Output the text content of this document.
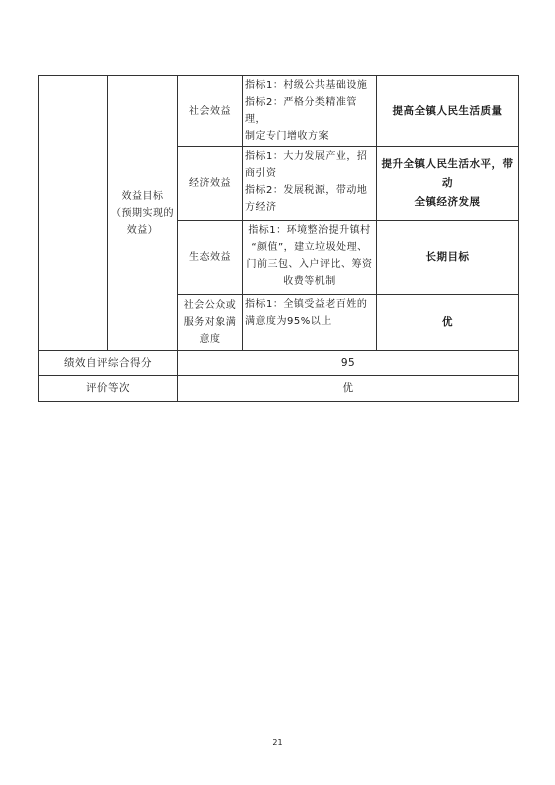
	效益目标
（预期实现的
效益）	社会效益	指标1：村级公共基础设施
指标2：严格分类精准管理，
制定专门增收方案	提高全镇人民生活质量

		经济效益	指标1：大力发展产业，招
商引资
指标2：发展税源，带动地
方经济	提升全镇人民生活水平，带动
全镇经济发展

		生态效益	指标1：环境整治提升镇村
“颜值”，建立垃圾处理、
门前三包、入户评比、筹资
收费等机制	长期目标

		社会公众或
服务对象满
意度	指标1：全镇受益老百姓的
满意度为95%以上	优

绩效自评综合得分		95		
评价等次		优		
21
